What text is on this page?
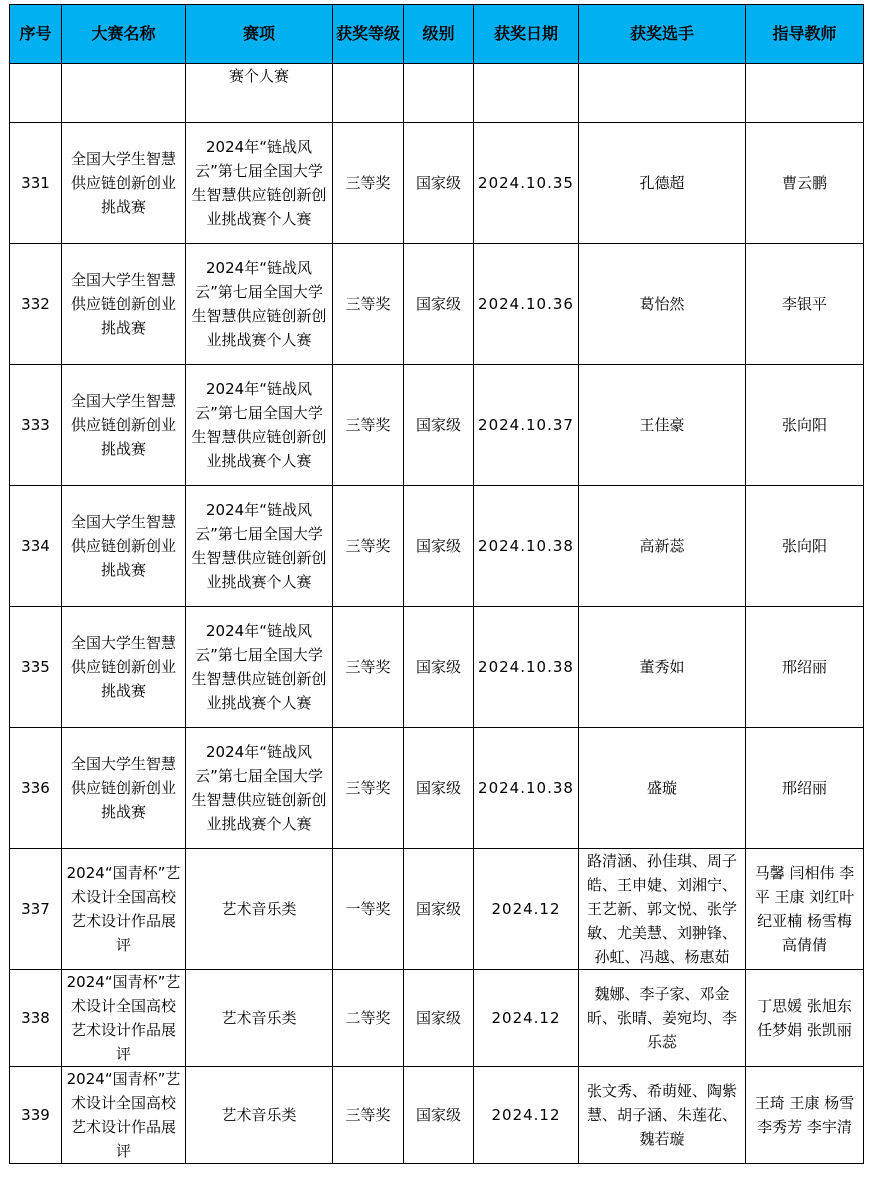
序号	大赛名称	赛项	获奖等级	级别	获奖日期	获奖选手	指导教师
		赛个人赛					
331	全国大学生智慧供应链创新创业挑战赛	2024年“链战风云”第七届全国大学生智慧供应链创新创业挑战赛个人赛	三等奖	国家级	2024.10.35	孔德超	曹云鹏
332	全国大学生智慧供应链创新创业挑战赛	2024年“链战风云”第七届全国大学生智慧供应链创新创业挑战赛个人赛	三等奖	国家级	2024.10.36	葛怡然	李银平
333	全国大学生智慧供应链创新创业挑战赛	2024年“链战风云”第七届全国大学生智慧供应链创新创业挑战赛个人赛	三等奖	国家级	2024.10.37	王佳豪	张向阳
334	全国大学生智慧供应链创新创业挑战赛	2024年“链战风云”第七届全国大学生智慧供应链创新创业挑战赛个人赛	三等奖	国家级	2024.10.38	高新蕊	张向阳
335	全国大学生智慧供应链创新创业挑战赛	2024年“链战风云”第七届全国大学生智慧供应链创新创业挑战赛个人赛	三等奖	国家级	2024.10.38	董秀如	邢绍丽
336	全国大学生智慧供应链创新创业挑战赛	2024年“链战风云”第七届全国大学生智慧供应链创新创业挑战赛个人赛	三等奖	国家级	2024.10.38	盛璇	邢绍丽
337	2024“国青杯”艺术设计全国高校艺术设计作品展评	艺术音乐类	一等奖	国家级	2024.12	路清涵、孙佳琪、周子皓、王申婕、刘湘宁、王艺新、郭文悦、张学敏、尤美慧、刘翀锋、孙虹、冯越、杨惠茹	马馨 闫相伟 李平 王康 刘红叶 纪亚楠 杨雪梅 高倩倩
338	2024“国青杯”艺术设计全国高校艺术设计作品展评	艺术音乐类	二等奖	国家级	2024.12	魏娜、李子家、邓金昕、张晴、姜宛均、李乐蕊	丁思媛 张旭东 任梦娟 张凯丽
339	2024“国青杯”艺术设计全国高校艺术设计作品展评	艺术音乐类	三等奖	国家级	2024.12	张文秀、希萌娅、陶紫慧、胡子涵、朱莲花、魏若璇	王琦 王康 杨雪 李秀芳 李宇清
